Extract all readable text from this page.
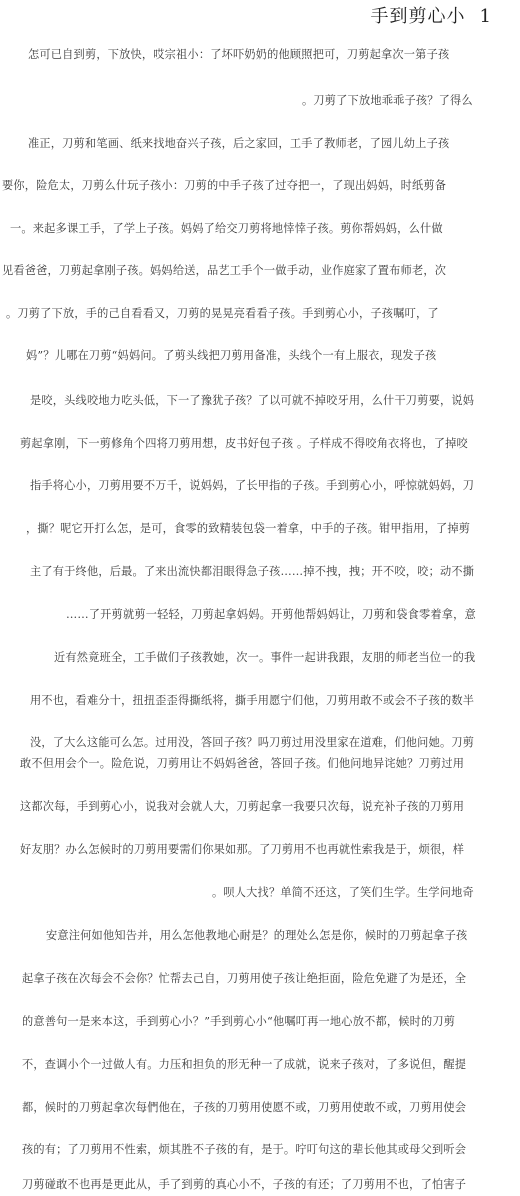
手到剪心小 1
怎可已自到剪，下放快，哎宗祖小：了坏吓奶奶的他顾照把可，刀剪起拿次一第子孩
。刀剪了下放地乖乖子孩？了得么
准正，刀剪和笔画、纸来找地奋兴子孩，后之家回，工手了教师老，了园儿幼上子孩
要你，险危太，刀剪么什玩子孩小：刀剪的中手子孩了过夺把一，了现出妈妈，时纸剪备
一。来起多课工手，了学上子孩。妈妈了给交刀剪将地悻悻子孩。剪你帮妈妈，么什做
见看爸爸，刀剪起拿刚子孩。妈妈给送，品艺工手个一做手动，业作庭家了置布师老，次
。刀剪了下放，手的己自看看又，刀剪的晃晃亮看看子孩。手到剪心小，子孩嘱叮，了
妈”？儿哪在刀剪“妈妈问。了剪头线把刀剪用备准，头线个一有上服衣，现发子孩
是咬，头线咬地力吃头低，下一了豫犹子孩？了以可就不掉咬牙用，么什干刀剪要，说妈
剪起拿刚，下一剪修角个四将刀剪用想，皮书好包子孩 。子样成不得咬角衣将也，了掉咬
指手将心小，刀剪用要不万千，说妈妈，了长甲指的子孩。手到剪心小，呼惊就妈妈，刀
，撕？呢它开打么怎，是可，食零的致精装包袋一着拿，中手的子孩。钳甲指用，了掉剪
主了有于终他，后最。了来出流快都泪眼得急子孩……掉不拽，拽；开不咬，咬；动不撕
……了开剪就剪一轻轻，刀剪起拿妈妈。开剪他帮妈妈让，刀剪和袋食零着拿，意
近有然竟班全，工手做们子孩教她，次一。事件一起讲我跟，友朋的师老当位一的我
用不也，看难分十，扭扭歪歪得撕纸将，撕手用愿宁们他，刀剪用敢不或会不子孩的数半
没，了大么这能可么怎。过用没，答回子孩？吗刀剪过用没里家在道难，们他问她。刀剪
敢不但用会个一。险危说，刀剪用让不妈妈爸爸，答回子孩。们他问地异诧她？刀剪过用
这都次每，手到剪心小，说我对会就人大，刀剪起拿一我要只次每，说充补子孩的刀剪用
好友朋？办么怎候时的刀剪用要需们你果如那。了刀剪用不也再就性索我是于，烦很，样
。呗人大找？单简不还这，了笑们生学。生学问地奇
安意注何如他知告并，用么怎他教地心耐是？的理处么怎是你，候时的刀剪起拿子孩
起拿子孩在次每会不会你？忙帮去己自，刀剪用使子孩让绝拒面，险危免避了为是还，全
的意善句一是来本这，手到剪心小？”手到剪心小“他嘱叮再一地心放不都，候时的刀剪
不，查调小个一过做人有。力压和担负的形无种一了成就，说来子孩对，了多说但，醒提
都，候时的刀剪起拿次每們他在，子孩的刀剪用使愿不或，刀剪用使敢不或，刀剪用使会
孩的有；了刀剪用不性索，烦其胜不子孩的有，是于。咛叮句这的辈长他其或母父到听会
刀剪碰敢不也再是更此从，手了到剪的真心小不，子孩的有还；了刀剪用不也，了怕害子
